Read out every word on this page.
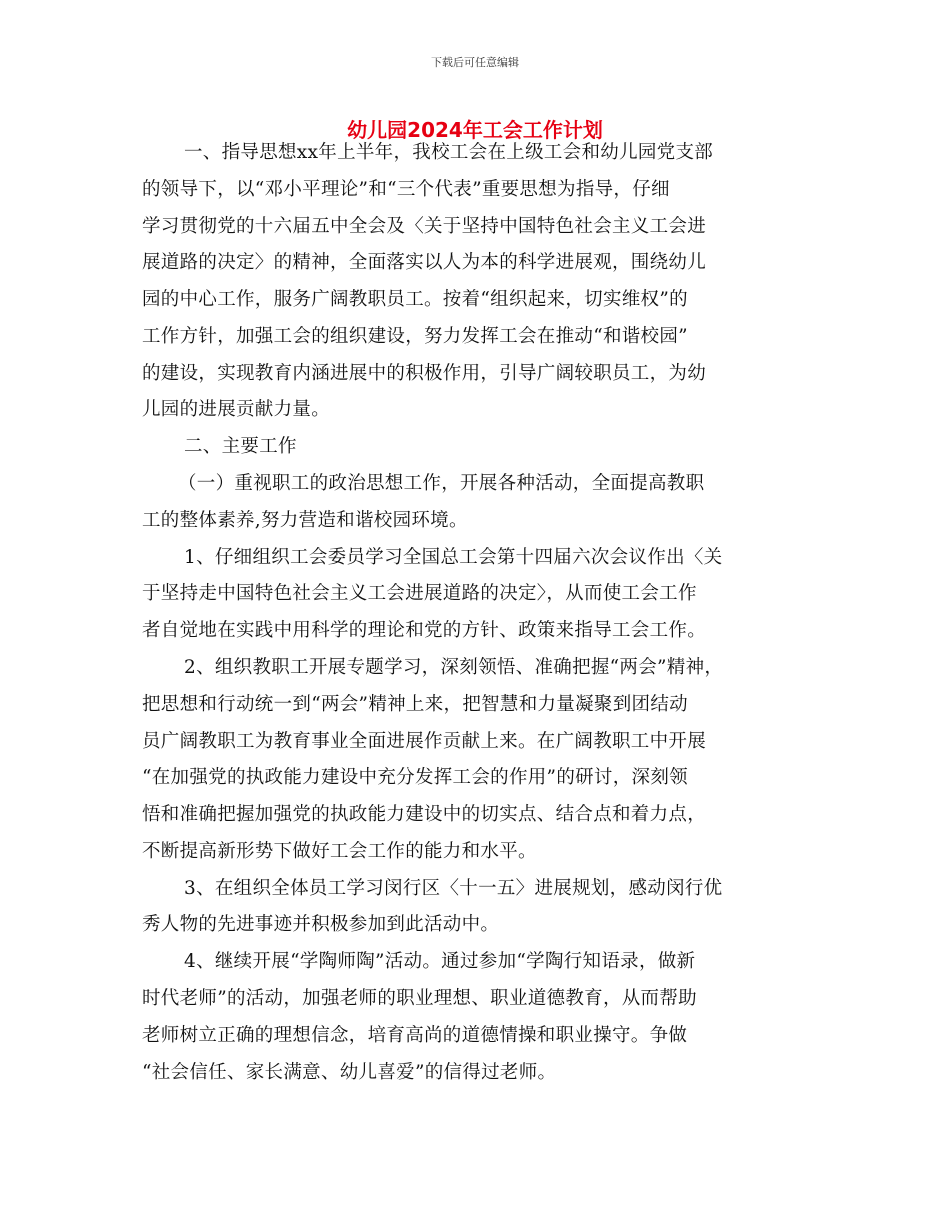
下载后可任意编辑
幼儿园2024年工会工作计划
一、指导思想xx年上半年，我校工会在上级工会和幼儿园党支部
的领导下，以“邓小平理论”和“三个代表”重要思想为指导，仔细
学习贯彻党的十六届五中全会及〈关于坚持中国特色社会主义工会进
展道路的决定〉的精神，全面落实以人为本的科学进展观，围绕幼儿
园的中心工作，服务广阔教职员工。按着“组织起来，切实维权”的
工作方针，加强工会的组织建设，努力发挥工会在推动“和谐校园”
的建设，实现教育内涵进展中的积极作用，引导广阔较职员工，为幼
儿园的进展贡献力量。
二、主要工作
（一）重视职工的政治思想工作，开展各种活动，全面提高教职
工的整体素养,努力营造和谐校园环境。
1、仔细组织工会委员学习全国总工会第十四届六次会议作出〈关
于坚持走中国特色社会主义工会进展道路的决定〉，从而使工会工作
者自觉地在实践中用科学的理论和党的方针、政策来指导工会工作。
2、组织教职工开展专题学习，深刻领悟、准确把握“两会”精神，
把思想和行动统一到“两会”精神上来，把智慧和力量凝聚到团结动
员广阔教职工为教育事业全面进展作贡献上来。在广阔教职工中开展
“在加强党的执政能力建设中充分发挥工会的作用”的研讨，深刻领
悟和准确把握加强党的执政能力建设中的切实点、结合点和着力点，
不断提高新形势下做好工会工作的能力和水平。
3、在组织全体员工学习闵行区〈十一五〉进展规划，感动闵行优
秀人物的先进事迹并积极参加到此活动中。
4、继续开展“学陶师陶”活动。通过参加“学陶行知语录，做新
时代老师”的活动，加强老师的职业理想、职业道德教育，从而帮助
老师树立正确的理想信念，培育高尚的道德情操和职业操守。争做
“社会信任、家长满意、幼儿喜爱”的信得过老师。
